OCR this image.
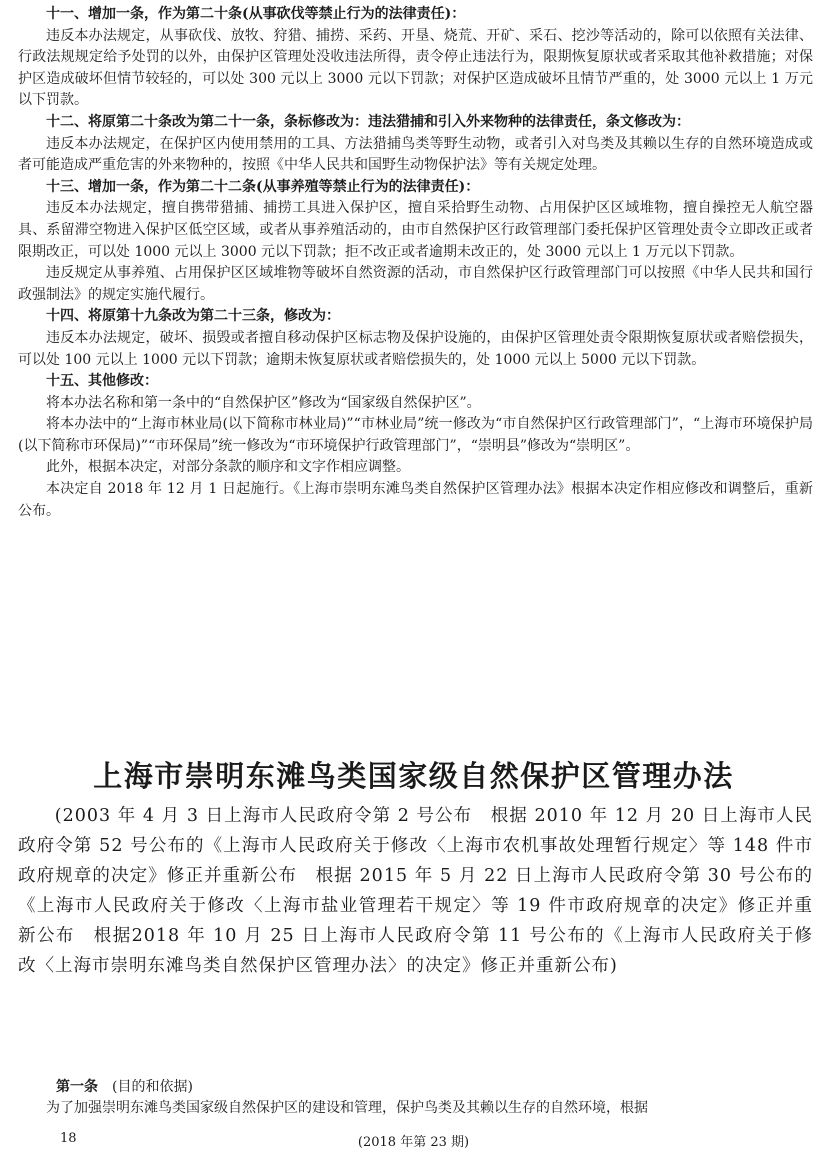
十一、增加一条，作为第二十条(从事砍伐等禁止行为的法律责任)：

违反本办法规定，从事砍伐、放牧、狩猎、捕捞、采药、开垦、烧荒、开矿、采石、挖沙等活动的，除可以依照有关法律、行政法规规定给予处罚的以外，由保护区管理处没收违法所得，责令停止违法行为，限期恢复原状或者采取其他补救措施；对保护区造成破坏但情节较轻的，可以处 300 元以上 3000 元以下罚款；对保护区造成破坏且情节严重的，处 3000 元以上 1 万元以下罚款。

十二、将原第二十条改为第二十一条，条标修改为：违法猎捕和引入外来物种的法律责任，条文修改为：

违反本办法规定，在保护区内使用禁用的工具、方法猎捕鸟类等野生动物，或者引入对鸟类及其赖以生存的自然环境造成或者可能造成严重危害的外来物种的，按照《中华人民共和国野生动物保护法》等有关规定处理。

十三、增加一条，作为第二十二条(从事养殖等禁止行为的法律责任)：

违反本办法规定，擅自携带猎捕、捕捞工具进入保护区，擅自采拾野生动物、占用保护区区域堆物，擅自操控无人航空器具、系留滞空物进入保护区低空区域，或者从事养殖活动的，由市自然保护区行政管理部门委托保护区管理处责令立即改正或者限期改正，可以处 1000 元以上 3000 元以下罚款；拒不改正或者逾期未改正的，处 3000 元以上 1 万元以下罚款。

违反规定从事养殖、占用保护区区域堆物等破坏自然资源的活动，市自然保护区行政管理部门可以按照《中华人民共和国行政强制法》的规定实施代履行。

十四、将原第十九条改为第二十三条，修改为：

违反本办法规定，破坏、损毁或者擅自移动保护区标志物及保护设施的，由保护区管理处责令限期恢复原状或者赔偿损失，可以处 100 元以上 1000 元以下罚款；逾期未恢复原状或者赔偿损失的，处 1000 元以上 5000 元以下罚款。

十五、其他修改：

将本办法名称和第一条中的“自然保护区”修改为“国家级自然保护区”。

将本办法中的“上海市林业局(以下简称市林业局)”“市林业局”统一修改为“市自然保护区行政管理部门”，“上海市环境保护局(以下简称市环保局)”“市环保局”统一修改为“市环境保护行政管理部门”，“崇明县”修改为“崇明区”。

此外，根据本决定，对部分条款的顺序和文字作相应调整。

本决定自 2018 年 12 月 1 日起施行。《上海市崇明东滩鸟类自然保护区管理办法》根据本决定作相应修改和调整后，重新公布。

上海市崇明东滩鸟类国家级自然保护区管理办法

(2003 年 4 月 3 日上海市人民政府令第 2 号公布　根据 2010 年 12 月 20 日上海市人民政府令第 52 号公布的《上海市人民政府关于修改〈上海市农机事故处理暂行规定〉等 148 件市政府规章的决定》修正并重新公布　根据 2015 年 5 月 22 日上海市人民政府令第 30 号公布的《上海市人民政府关于修改〈上海市盐业管理若干规定〉等 19 件市政府规章的决定》修正并重新公布　根据2018 年 10 月 25 日上海市人民政府令第 11 号公布的《上海市人民政府关于修改〈上海市崇明东滩鸟类自然保护区管理办法〉的决定》修正并重新公布)

第一条 (目的和依据)

为了加强崇明东滩鸟类国家级自然保护区的建设和管理，保护鸟类及其赖以生存的自然环境，根据

18	(2018 年第 23 期)
